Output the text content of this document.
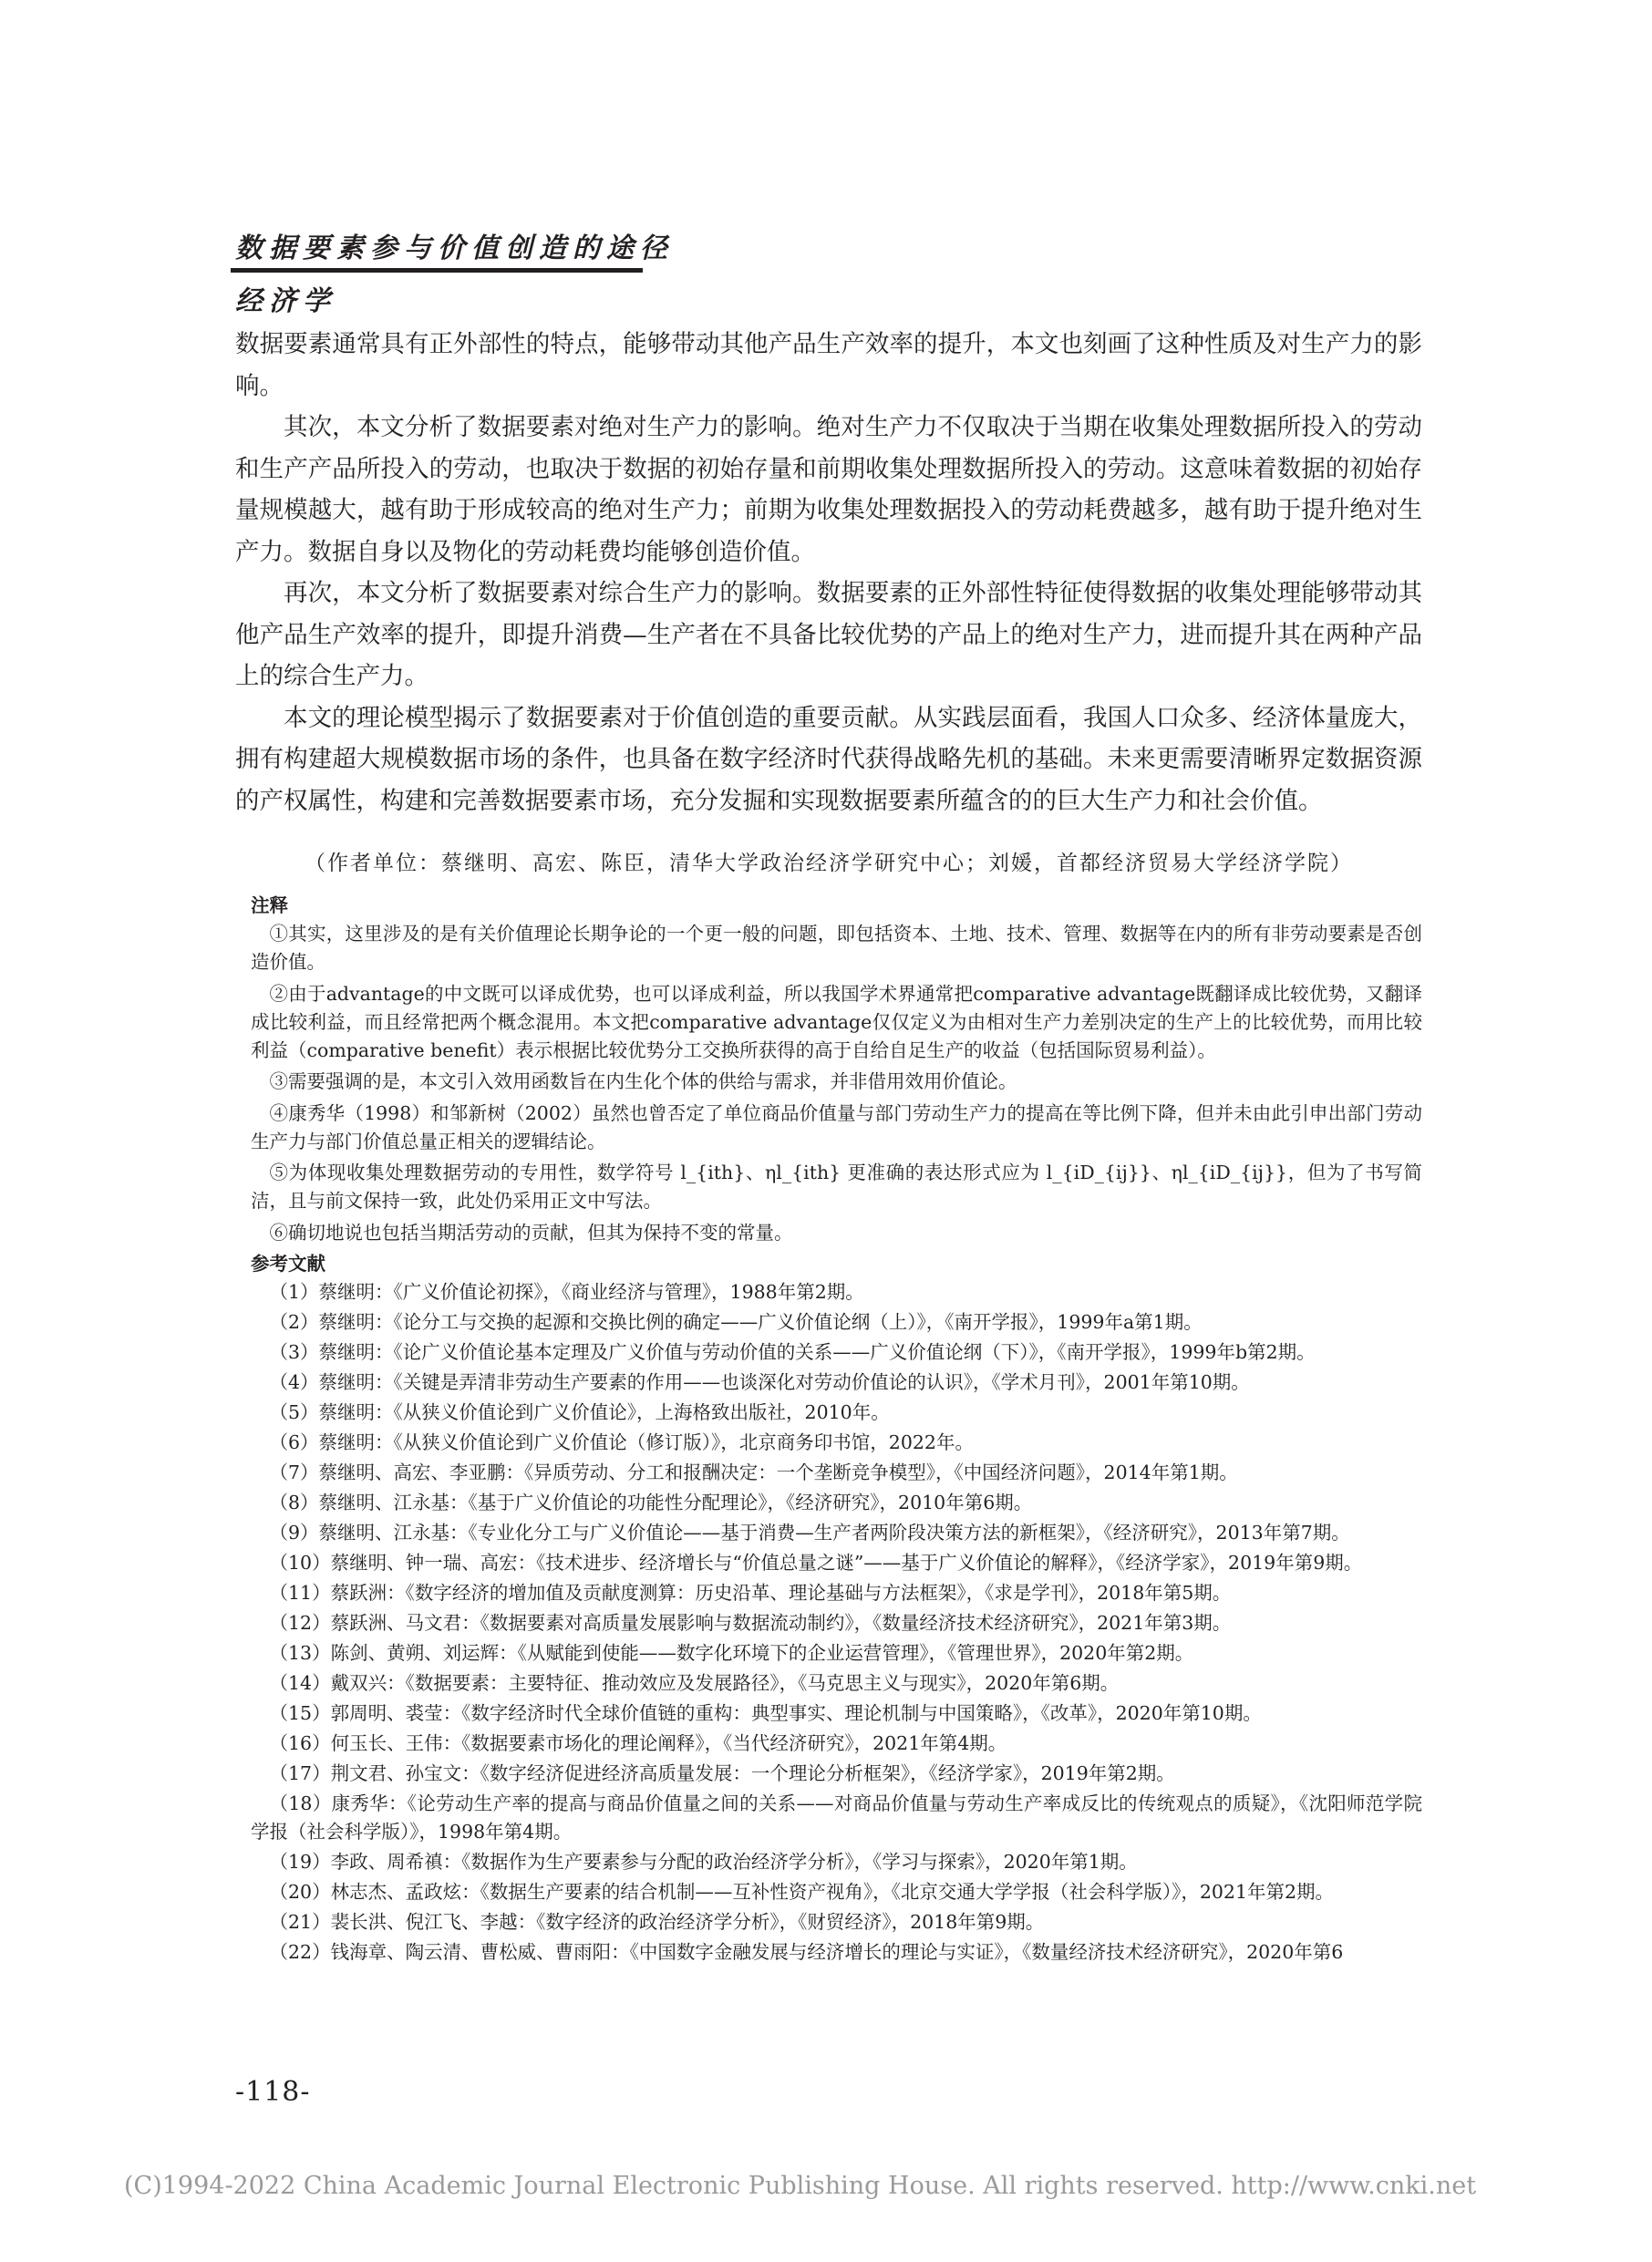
数据要素参与价值创造的途径
经济学

数据要素通常具有正外部性的特点，能够带动其他产品生产效率的提升，本文也刻画了这种性质及对生产力的影响。

其次，本文分析了数据要素对绝对生产力的影响。绝对生产力不仅取决于当期在收集处理数据所投入的劳动和生产产品所投入的劳动，也取决于数据的初始存量和前期收集处理数据所投入的劳动。这意味着数据的初始存量规模越大，越有助于形成较高的绝对生产力；前期为收集处理数据投入的劳动耗费越多，越有助于提升绝对生产力。数据自身以及物化的劳动耗费均能够创造价值。

再次，本文分析了数据要素对综合生产力的影响。数据要素的正外部性特征使得数据的收集处理能够带动其他产品生产效率的提升，即提升消费—生产者在不具备比较优势的产品上的绝对生产力，进而提升其在两种产品上的综合生产力。

本文的理论模型揭示了数据要素对于价值创造的重要贡献。从实践层面看，我国人口众多、经济体量庞大，拥有构建超大规模数据市场的条件，也具备在数字经济时代获得战略先机的基础。未来更需要清晰界定数据资源的产权属性，构建和完善数据要素市场，充分发掘和实现数据要素所蕴含的的巨大生产力和社会价值。

（作者单位：蔡继明、高宏、陈臣，清华大学政治经济学研究中心；刘媛，首都经济贸易大学经济学院）

注释

①其实，这里涉及的是有关价值理论长期争论的一个更一般的问题，即包括资本、土地、技术、管理、数据等在内的所有非劳动要素是否创造价值。

②由于advantage的中文既可以译成优势，也可以译成利益，所以我国学术界通常把comparative advantage既翻译成比较优势，又翻译成比较利益，而且经常把两个概念混用。本文把comparative advantage仅仅定义为由相对生产力差别决定的生产上的比较优势，而用比较利益（comparative benefit）表示根据比较优势分工交换所获得的高于自给自足生产的收益（包括国际贸易利益）。

③需要强调的是，本文引入效用函数旨在内生化个体的供给与需求，并非借用效用价值论。

④康秀华（1998）和邹新树（2002）虽然也曾否定了单位商品价值量与部门劳动生产力的提高在等比例下降，但并未由此引申出部门劳动生产力与部门价值总量正相关的逻辑结论。

⑤为体现收集处理数据劳动的专用性，数学符号 l_{ith}、ηl_{ith} 更准确的表达形式应为 l_{iD_{ij}}、ηl_{iD_{ij}}，但为了书写简洁，且与前文保持一致，此处仍采用正文中写法。

⑥确切地说也包括当期活劳动的贡献，但其为保持不变的常量。

参考文献

（1）蔡继明：《广义价值论初探》，《商业经济与管理》，1988年第2期。

（2）蔡继明：《论分工与交换的起源和交换比例的确定——广义价值论纲（上）》，《南开学报》，1999年a第1期。

（3）蔡继明：《论广义价值论基本定理及广义价值与劳动价值的关系——广义价值论纲（下）》，《南开学报》，1999年b第2期。

（4）蔡继明：《关键是弄清非劳动生产要素的作用——也谈深化对劳动价值论的认识》，《学术月刊》，2001年第10期。

（5）蔡继明：《从狭义价值论到广义价值论》，上海格致出版社，2010年。

（6）蔡继明：《从狭义价值论到广义价值论（修订版）》，北京商务印书馆，2022年。

（7）蔡继明、高宏、李亚鹏：《异质劳动、分工和报酬决定：一个垄断竞争模型》，《中国经济问题》，2014年第1期。

（8）蔡继明、江永基：《基于广义价值论的功能性分配理论》，《经济研究》，2010年第6期。

（9）蔡继明、江永基：《专业化分工与广义价值论——基于消费—生产者两阶段决策方法的新框架》，《经济研究》，2013年第7期。

（10）蔡继明、钟一瑞、高宏：《技术进步、经济增长与“价值总量之谜”——基于广义价值论的解释》，《经济学家》，2019年第9期。

（11）蔡跃洲：《数字经济的增加值及贡献度测算：历史沿革、理论基础与方法框架》，《求是学刊》，2018年第5期。

（12）蔡跃洲、马文君：《数据要素对高质量发展影响与数据流动制约》，《数量经济技术经济研究》，2021年第3期。

（13）陈剑、黄朔、刘运辉：《从赋能到使能——数字化环境下的企业运营管理》，《管理世界》，2020年第2期。

（14）戴双兴：《数据要素：主要特征、推动效应及发展路径》，《马克思主义与现实》，2020年第6期。

（15）郭周明、裘莹：《数字经济时代全球价值链的重构：典型事实、理论机制与中国策略》，《改革》，2020年第10期。

（16）何玉长、王伟：《数据要素市场化的理论阐释》，《当代经济研究》，2021年第4期。

（17）荆文君、孙宝文：《数字经济促进经济高质量发展：一个理论分析框架》，《经济学家》，2019年第2期。

（18）康秀华：《论劳动生产率的提高与商品价值量之间的关系——对商品价值量与劳动生产率成反比的传统观点的质疑》，《沈阳师范学院学报（社会科学版）》，1998年第4期。

（19）李政、周希禛：《数据作为生产要素参与分配的政治经济学分析》，《学习与探索》，2020年第1期。

（20）林志杰、孟政炫：《数据生产要素的结合机制——互补性资产视角》，《北京交通大学学报（社会科学版）》，2021年第2期。

（21）裴长洪、倪江飞、李越：《数字经济的政治经济学分析》，《财贸经济》，2018年第9期。

（22）钱海章、陶云清、曹松威、曹雨阳：《中国数字金融发展与经济增长的理论与实证》，《数量经济技术经济研究》，2020年第6

-118-
(C)1994-2022 China Academic Journal Electronic Publishing House. All rights reserved. http://www.cnki.net
